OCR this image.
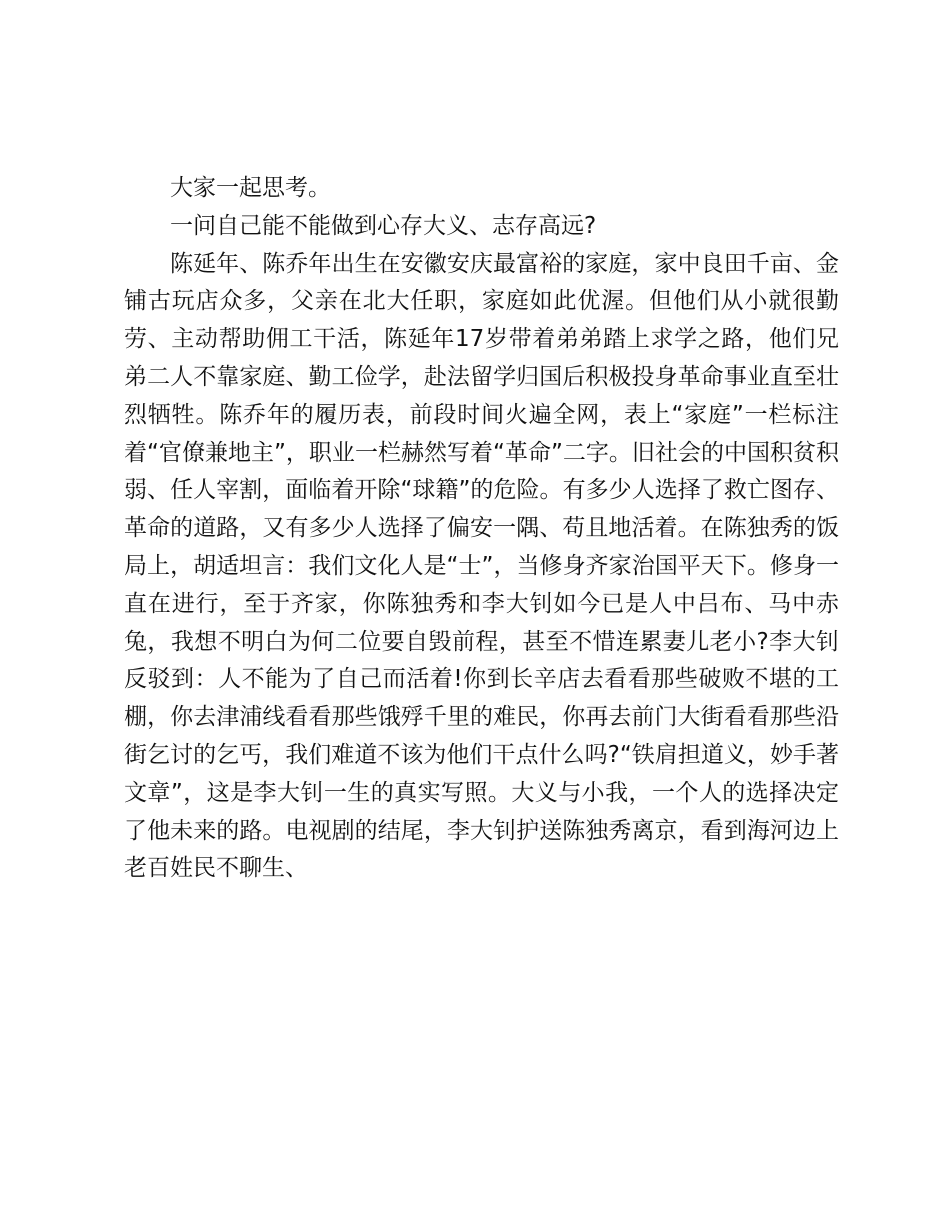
大家一起思考。

一问自己能不能做到心存大义、志存高远?

陈延年、陈乔年出生在安徽安庆最富裕的家庭，家中良田千亩、金铺古玩店众多，父亲在北大任职，家庭如此优渥。但他们从小就很勤劳、主动帮助佣工干活，陈延年17岁带着弟弟踏上求学之路，他们兄弟二人不靠家庭、勤工俭学，赴法留学归国后积极投身革命事业直至壮烈牺牲。陈乔年的履历表，前段时间火遍全网，表上“家庭”一栏标注着“官僚兼地主”，职业一栏赫然写着“革命”二字。旧社会的中国积贫积弱、任人宰割，面临着开除“球籍”的危险。有多少人选择了救亡图存、革命的道路，又有多少人选择了偏安一隅、苟且地活着。在陈独秀的饭局上，胡适坦言：我们文化人是“士”，当修身齐家治国平天下。修身一直在进行，至于齐家，你陈独秀和李大钊如今已是人中吕布、马中赤兔，我想不明白为何二位要自毁前程，甚至不惜连累妻儿老小?李大钊反驳到：人不能为了自己而活着!你到长辛店去看看那些破败不堪的工棚，你去津浦线看看那些饿殍千里的难民，你再去前门大街看看那些沿街乞讨的乞丐，我们难道不该为他们干点什么吗?“铁肩担道义，妙手著文章”，这是李大钊一生的真实写照。大义与小我，一个人的选择决定了他未来的路。电视剧的结尾，李大钊护送陈独秀离京，看到海河边上老百姓民不聊生、
